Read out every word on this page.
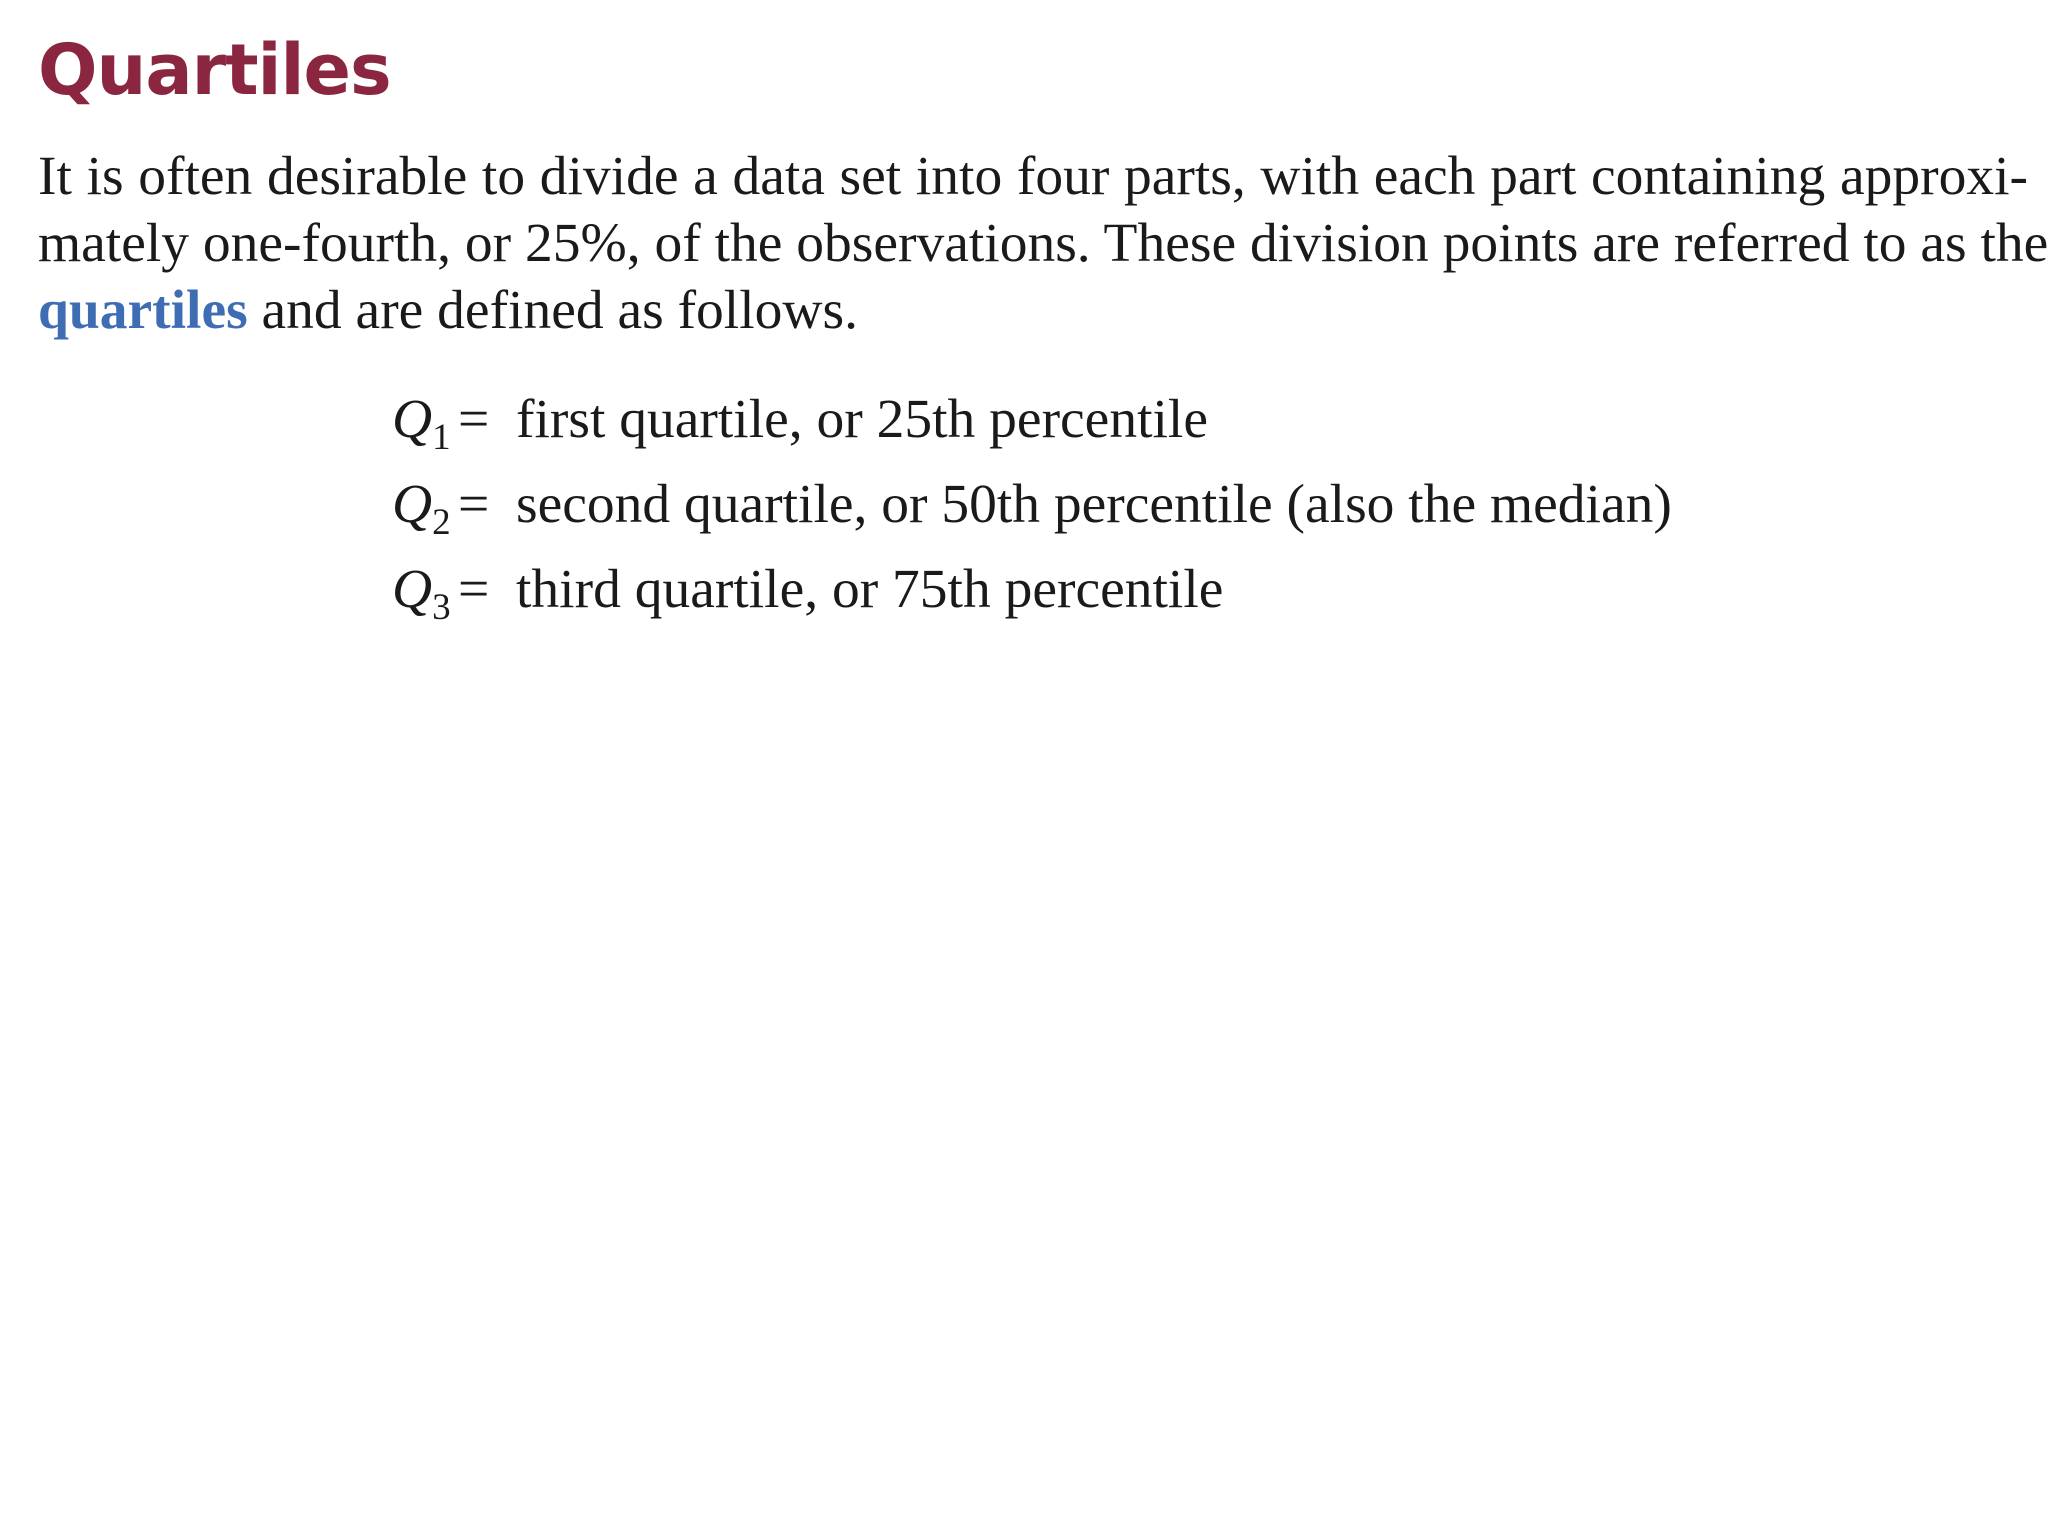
Quartiles

It is often desirable to divide a data set into four parts, with each part containing approxi-
mately one-fourth, or 25%, of the observations. These division points are referred to as the
quartiles and are defined as follows.

$Q_1$ = first quartile, or 25th percentile
$Q_2$ = second quartile, or 50th percentile (also the median)
$Q_3$ = third quartile, or 75th percentile
